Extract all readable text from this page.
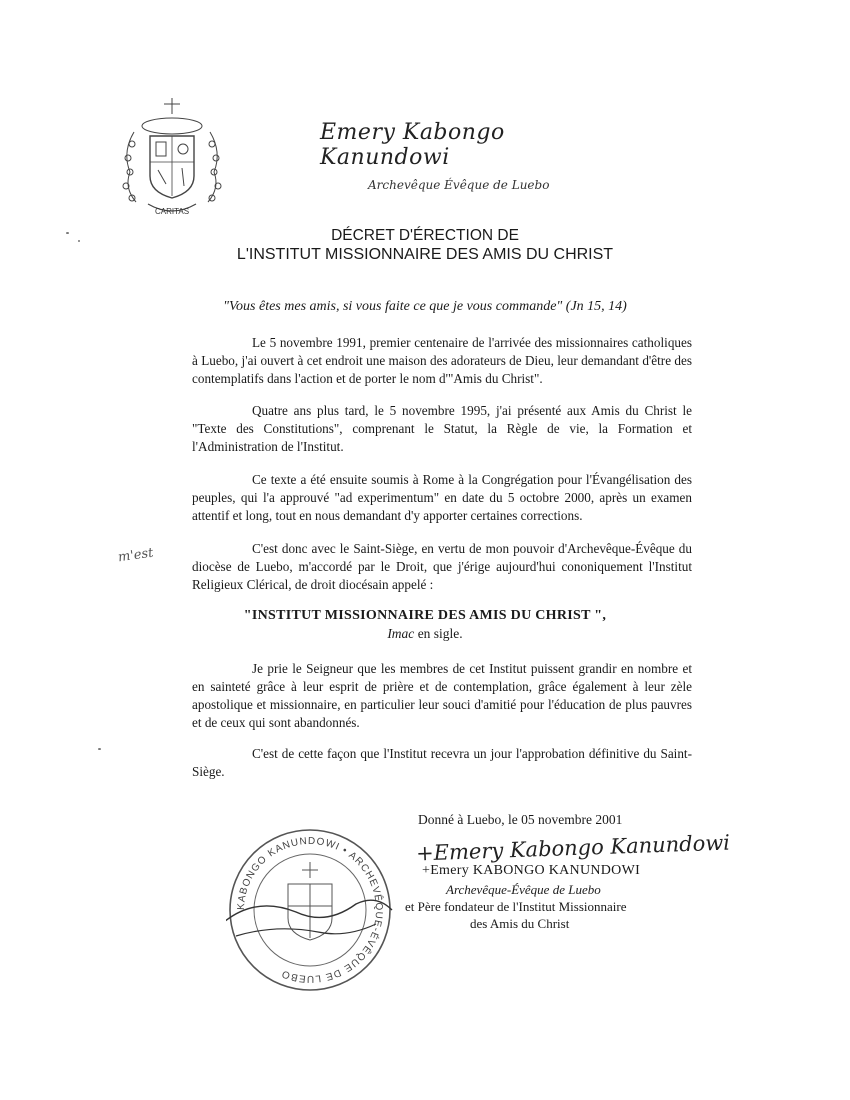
CARITAS
Emery Kabongo Kanundowi
Archevêque Évêque de Luebo
DÉCRET D'ÉRECTION DE
L'INSTITUT MISSIONNAIRE DES AMIS DU CHRIST
"Vous êtes mes amis, si vous faite ce que je vous commande" (Jn 15, 14)

Le 5 novembre 1991, premier centenaire de l'arrivée des missionnaires catholiques à Luebo, j'ai ouvert à cet endroit une maison des adorateurs de Dieu, leur demandant d'être des contemplatifs dans l'action et de porter le nom d'"Amis du Christ".

Quatre ans plus tard, le 5 novembre 1995, j'ai présenté aux Amis du Christ le "Texte des Constitutions", comprenant le Statut, la Règle de vie, la Formation et l'Administration de l'Institut.

Ce texte a été ensuite soumis à Rome à la Congrégation pour l'Évangélisation des peuples, qui l'a approuvé "ad experimentum" en date du 5 octobre 2000, après un examen attentif et long, tout en nous demandant d'y apporter certaines corrections.

C'est donc avec le Saint-Siège, en vertu de mon pouvoir d'Archevêque-Évêque du diocèse de Luebo, m'accordé par le Droit, que j'érige aujourd'hui cononiquement l'Institut Religieux Clérical, de droit diocésain appelé :

m'est
"INSTITUT MISSIONNAIRE DES AMIS DU CHRIST ",
Imac en sigle.

Je prie le Seigneur que les membres de cet Institut puissent grandir en nombre et en sainteté grâce à leur esprit de prière et de contemplation, grâce également à leur zèle apostolique et missionnaire, en particulier leur souci d'amitié pour l'éducation de plus pauvres et de ceux qui sont abandonnés.

C'est de cette façon que l'Institut recevra un jour l'approbation définitive du Saint-Siège.

KABONGO KANUNDOWI • ARCHEVÊQUE-ÉVÊQUE DE LUEBO
Donné à Luebo, le 05 novembre 2001
+Emery Kabongo Kanundowi
+Emery KABONGO KANUNDOWI
Archevêque-Évêque de Luebo
et Père fondateur de l'Institut Missionnaire
des Amis du Christ
